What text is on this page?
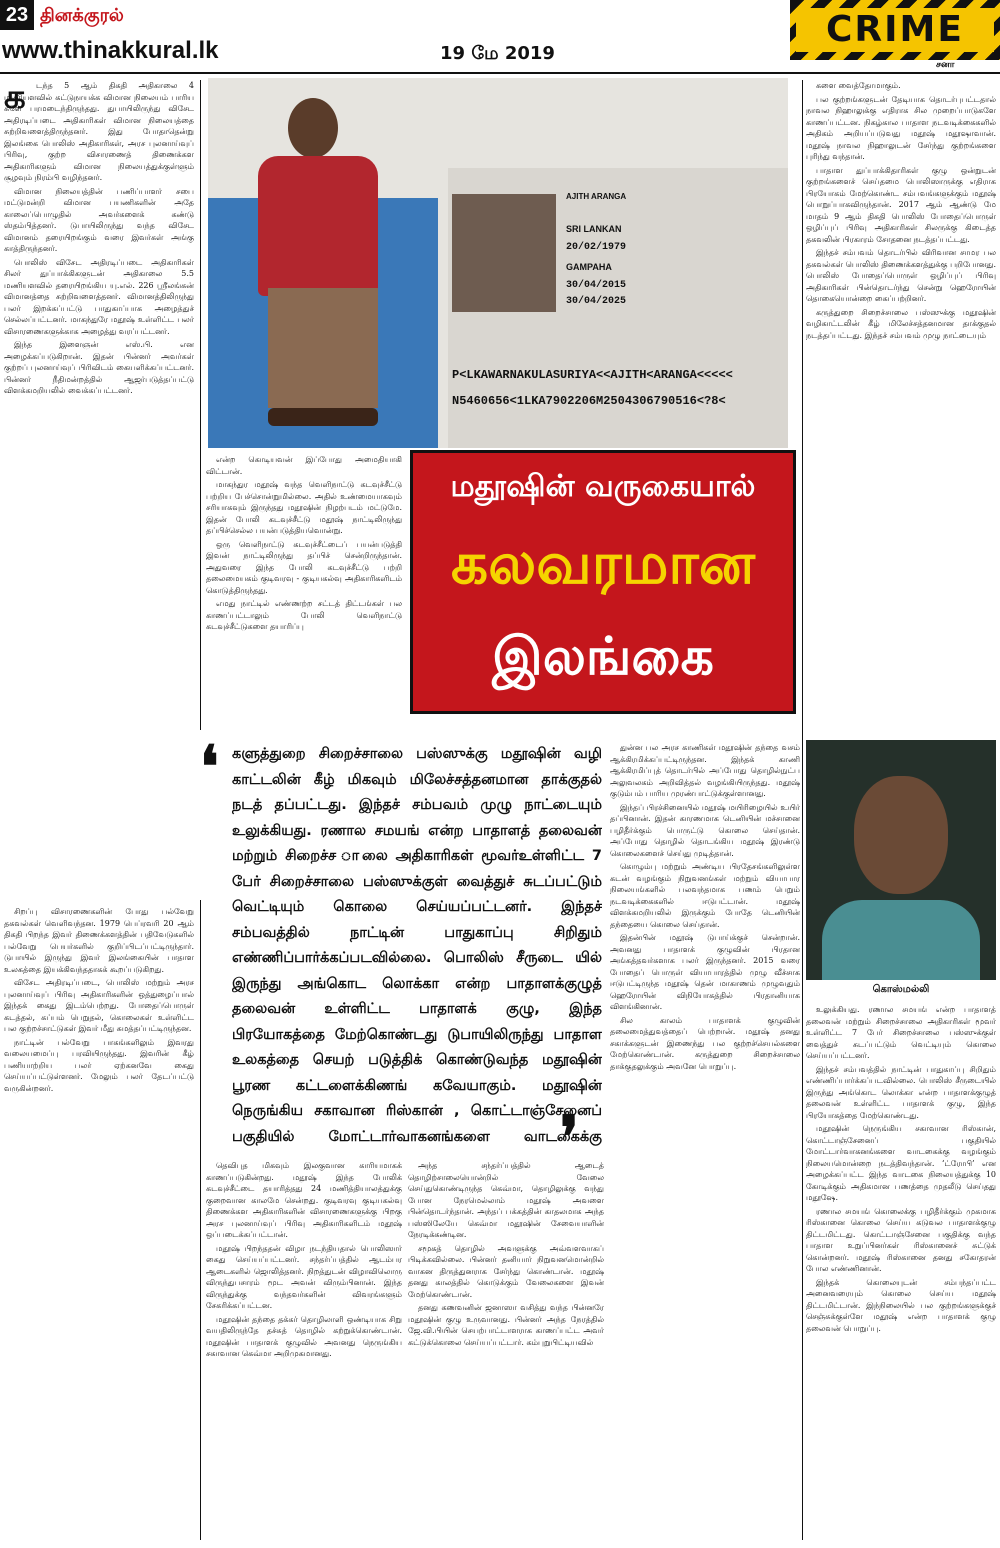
23 தினக்குரல்
www.thinakkural.lk	19 மே 2019
CRIME
சனா
க	டந்த 5 ஆம் திகதி அதிகாலை 4 மணியளவில் கட்டுநாயக்க விமான நிலையம் பாரிய களே பரமடைந்திருந்தது. துபாயிலிருந்து விசேட அதிரடிப்படை அதிகாரிகள் விமான நிலையத்தை சுற்றிவளைத்திருந்தனர். இது போதாதென்று இலங்கை பொலிஸ் அதிகாரிகள், அரச புலனாய்வுப் பிரிவு, குற்ற விசாரணைத் திணைக்கள அதிகாரிகளும் விமான நிலையத்துக்குள்ளும் சூழவும் நிரம்பி வழிந்தனர்.

விமான நிலையத்தின் பணிப்பாளர் சபை மட்டுமன்றி விமான பயணிகளின் அதே காலைப்பொழுதில் அவர்களைக் கண்டு ஸ்தம்பித்தனர். டுபாயிலிருந்து வந்த விசேட விமானம் தரையிறங்கும் வரை இவர்கள் அங்கு காத்திருந்தனர்.

பொலிஸ் விசேட அதிரடிப்படை அதிகாரிகள் சிலர் துப்பாக்கிகளுடன் அதிகாலை 5.5 மணியளவில் தரையிறங்கிய யு.எல். 226 ஸ்ரீலங்கன் விமானத்தை சுற்றிவளைத்தனர். விமானத்திலிருந்து பலர் இறக்கப்பட்டு பாதுகாப்பாக அழைத்துச் செல்லப்பட்டனர். மாகந்துரே மதூஷ் உள்ளிட்ட பலர் விசாரணைகளுக்காக அழைத்து வரப்பட்டனர்.

இந்த இளைஞன் எஸ்.பி. என அழைக்கப்படுகிறான். இதன் பின்னர் அவர்கள் குற்றப் புலனாய்வுப் பிரிவிடம் கையளிக்கப்பட்டனர். பின்னர் நீதிமன்றத்தில் ஆஜர்படுத்தப்பட்டு விளக்கமறியலில் வைக்கப்பட்டனர்.

SRI LANKAN
AJITH ARANGA
20/02/1979
GAMPAHA
30/04/2015
30/04/2025
P<LKAWARNAKULASURIYA<<AJITH<ARANGA<<<<<
N5460656<1LKA7902206M2504306790516<?8<

என்ற கொடியவன் இப்போது அமைதியாகி விட்டான்.

மாகந்துர மதூஷ் வந்த வெளிநாட்டு கடவுச்சீட்டு பற்றிய பேச்சொன்றுமில்லை. அதில் உண்மையாகவும் சரியாகவும் இருந்தது மதூஷின் நிழற்படம் மட்டுமே. இதன் போலி கடவுச்சீட்டு மதூஷ் நாட்டிலிருந்து தப்பிச்செல்ல பயன்படுத்தியவொன்று.

ஒரு வெளிநாட்டு கடவுச்சீட்டைப் பயன்படுத்தி இவன் நாட்டிலிருந்து தப்பிச் சென்றிருந்தான். அதுவரை இந்த போலி கடவுச்சீட்டு பற்றி தலைமையகம் குடிவரவு - குடியகல்வு அதிகாரிகளிடம் கொடுத்திருந்தது.

எமது நாட்டில் எண்ணற்ற சட்டத் திட்டங்கள் பல காணப்பட்டாலும் போலி வெளிநாட்டு கடவுச்சீட்டுகளை தயாரிப்பு

மதூஷின் வருகையால்
கலவரமான
இலங்கை

களை வைத்தோமாகும்.

பல குற்றங்களுடன் தேடியாக தொடர்புபட்டதால் நாவல நிஹாலுக்கு எதிராக சில முறைப்பாடுகளே காணப்பட்டன. நிகழ்கால பாதாள நடவடிக்கைகளில் அதிகம் அறியப்படுவது மதூஷ் மதூஷாவான். மதூஷ் நாவல நிஹாலுடன் சேர்ந்து குற்றங்களை புரிந்து வந்தான்.

பாதாள துப்பாக்கிதாரிகள் குழு ஒன்றுடன் குற்றங்களைச் செய்தமை பொலிஸாருக்கு எதிராக பிரயோகம் மேற்கொண்ட சம்பவங்களுக்கும் மதூஷ் பொறுப்பாகவிருந்தான். 2017 ஆம் ஆண்டு மே மாதம் 9 ஆம் திகதி பொலிஸ் போதைப்பொருள் ஒழிப்புப் பிரிவு அதிகாரிகள் சிலருக்கு கிடைத்த தகவலின் பிரகாரம் சோதனை நடத்தப்பட்டது.

இந்தச் சம்பவம் தொடர்பில் விரிவான சாமர பல தகவல்கள் பொலிஸ் திணைக்களத்துக்கு பறிபோனது. பொலிஸ் போதைப்பொருள் ஒழிப்புப் பிரிவு அதிகாரிகள் பின்தொடர்ந்து சென்று ஹெரோயின் தொகையொன்றை கைப்பற்றினர்.

கருத்துறை சிறைச்சாலை பஸ்ஸுக்கு மதூஷின் வழிகாட்டலின் கீழ் மிலேச்சத்தனமான தாக்குதல் நடத்தப்பட்டது. இந்தச் சம்பவம் முழு நாட்டையும்

❛ களுத்துறை சிறைச்சாலை பஸ்ஸுக்கு மதூஷின் வழி காட்டலின் கீழ் மிகவும் மிலேச்சத்தனமான தாக்குதல் நடத் தப்பட்டது. இந்தச் சம்பவம் முழு நாட்டையும் உலுக்கியது. ரணால சமயங் என்ற பாதாளத் தலைவன் மற்றும் சிறைச்ச ாலை அதிகாரிகள் மூவர்உள்ளிட்ட 7 பேர் சிறைச்சாலை பஸ்ஸுக்குள் வைத்துச் சுடப்பட்டும் வெட்டியும் கொலை செய்யப்பட்டனர். இந்தச் சம்பவத்தில் நாட்டின் பாதுகாப்பு சிறிதும் எண்ணிப்பார்க்கப்படவில்லை. பொலிஸ் சீருடை யில் இருந்து அங்கொட லொக்கா என்ற பாதாளக்குழுத் தலைவன் உள்ளிட்ட பாதாளக் குழு, இந்த பிரயோகத்தை மேற்கொண்டது டுபாயிலிருந்து பாதாள உலகத்தை செயற் படுத்திக் கொண்டுவந்த மதூஷின் பூரண கட்டளைக்கிணங் கவேயாகும். மதூஷின் நெருங்கிய சகாவான ரிஸ்கான் , கொட்டாஞ்சேனைப் பகுதியில் மோட்டார்வாகனங்களை வாடகைக்கு
❜
கொஸ்மல்லி

சிறப்பு விசாரணைகளின் போது பல்வேறு தகவல்கள் வெளிவந்தன. 1979 பெப்ரவரி 20 ஆம் திகதி பிறந்த இவர் திணைக்களத்தின் பதிவேடுகளில் பல்வேறு பெயர்களில் குறிப்பிடப்பட்டிருந்தார். டுபாயில் இருந்து இவர் இலங்கையின் பாதாள உலகத்தை இயக்கிவந்ததாகக் கூறப்படுகிறது.

விசேட அதிரடிப்படை, பொலிஸ் மற்றும் அரச புலனாய்வுப் பிரிவு அதிகாரிகளின் ஒத்துழைப்பால் இந்தக் கைது இடம்பெற்றது. போதைப்பொருள் கடத்தல், கப்பம் பெறுதல், கொலைகள் உள்ளிட்ட பல குற்றச்சாட்டுகள் இவர் மீது சுமத்தப்பட்டிருந்தன.

நாட்டின் பல்வேறு பாகங்களிலும் இவரது வலையமைப்பு பரவியிருந்தது. இவரின் கீழ் பணியாற்றிய பலர் ஏற்கனவே கைது செய்யப்பட்டுள்ளனர். மேலும் பலர் தேடப்பட்டு வருகின்றனர்.

துன்ன பல அரச காணிகள் மதூஷின் தந்தை வசம் ஆக்கிரமிக்கப்பட்டிருந்தன. இந்தக் காணி ஆக்கிரமிப்புத் தொடர்பில் அப்போது தொழில்நுட்ப அலுவலகம் அறிவித்தல் வழங்கியிருந்தது. மதூஷ் குடும்பம் பாரிய முரண்பாட்டுக்குள்ளானது.

இந்தப் பிரச்சினையில் மதூஷ் மயிரிழையில் உயிர் தப்பினான். இதன் காரணமாக டெனியின் மச்சானை பழிதீர்க்கும் பொருட்டு கொலை செய்தான். அப்போது தொழில் தொடங்கிய மதூஷ் இரண்டு கொலைகளைச் செய்து முடித்தான்.

கொழும்பு மற்றும் அண்டிய பிரதேசங்களிலுள்ள கடன் வழங்கும் நிறுவனங்கள் மற்றும் வியாபார நிலையங்களில் பலவந்தமாக பணம் பெறும் நடவடிக்கைகளில் ஈடுபட்டான். மதூஷ் விளக்கமறியலில் இருக்கும் போதே டெனியின் தந்தையை கொலை செய்தான்.

இதன்பின் மதூஷ் டுபாய்க்குச் சென்றான். அவனது பாதாளக் குழுவின் பிரதான அங்கத்தவர்களாக பலர் இருந்தனர். 2015 வரை போதைப் பொருள் வியாபாரத்தில் முழு வீச்சாக ஈடுபட்டிருந்த மதூஷ் தென் மாகாணம் முழுவதும் ஹெரோயின் விநியோகத்தில் பிரதானியாக விளங்கினான்.

சில காலம் பாதாளக் குழுவின் தலைமைத்துவத்தைப் பெற்றான். மதூஷ் தனது சகாக்களுடன் இணைந்து பல குற்றச்செயல்களை மேற்கொண்டான். கருத்துறை சிறைச்சாலை தாக்குதலுக்கும் அவனே பொறுப்பு.

தெவிபுத மிகவும் இலகுவான காரியமாகக் காணப்படுகின்றது. மதூஷ் இந்த போலிக் கடவுச்சீட்டை தயாரித்தது 24 மணித்தியாலத்துக்கு குறைவான காலமே சென்றது. குடிவரவு குடியகல்வு திணைக்கள அதிகாரிகளின் விசாரணைகளுக்கு பிறகு அரச புலனாய்வுப் பிரிவு அதிகாரிகளிடம் மதூஷ் ஒப்படைக்கப்பட்டான்.

மதூஷ் பிறந்ததன் விழா நடந்தியதால் பொலிஸார் கைது செய்யப்பட்டனர். சந்தர்ப்பத்தில் ஆடம்பர ஆடைகளில் ஜொலித்தனர். நிறத்துடன் விழாவிலொரு விருந்துபசாரம் மூட அவன் விரும்பினான். இந்த விருந்துக்கு வந்தவர்களின் விவரங்களும் சேகரிக்கப்பட்டன.

மதூஷின் தந்தை தக்கர் தொழிலாளி ஒண்டியாக சிறு வயதிலிருந்தே தச்சுத் தொழில் கற்றுக்கொண்டான். மதூஷின் பாதாளக் குழுவில் அவனது நெருங்கிய சகாவான கெவ்மா அறிமுகமானது.

அந்த சந்தர்ப்பத்தில் ஆடைத் தொழிற்சாலையொன்றில் வேலை செய்துகொண்டிருந்த கெவ்மா, தொழிலுக்கு வந்து போன நேரமெல்லாம் மதூஷ் அவளை பின்தொடர்ந்தான். அந்தப் பக்கத்தின் காதலமாக அந்த பஸ்ஸிலேயே கெவ்மா மதூஷின் சேவையாளின் நேரடிக்கண்டின.

சமூகத் தொழில் அவளுக்கு அவ்வளவாகப் பிடிக்கவில்லை. பின்னர் தனியார் நிறுவனமொன்றில் வாகன திருத்துனராக சேர்ந்து கொண்டான். மதூஷ் தனது காலத்தில் கொடுக்கும் வேலைகளை இவன் மேற்கொண்டான்.

தனது கணவனின் ஜனாஸா வசித்து வந்த பின்னரே மதூஷின் குழு உருவானது. பின்னர் அந்த நேரத்தில் ஜே.வி.பியின் செயற்பாட்டாளராக காணப்பட்ட அவர் கட்டுக்கொலை செய்யப்பட்டார். கம்புறுபிட்டியவில்

உலுக்கியது. ரணால சமயங் என்ற பாதாளத் தலைவன் மற்றும் சிறைச்சாலை அதிகாரிகள் மூவர் உள்ளிட்ட 7 பேர் சிறைச்சாலை பஸ்ஸுக்குள் வைத்துச் சுடப்பட்டும் வெட்டியும் கொலை செய்யப்பட்டனர்.

இந்தச் சம்பவத்தில் நாட்டின் பாதுகாப்பு சிறிதும் எண்ணிப்பார்க்கப்படவில்லை. பொலிஸ் சீருடையில் இருந்து அங்கொட லொக்கா என்ற பாதாளக்குழுத் தலைவன் உள்ளிட்ட பாதாளக் குழு, இந்த பிரயோகத்தை மேற்கொண்டது.

மதூஷின் நெருங்கிய சகாவான ரிஸ்கான், கொட்டாஞ்சேனைப் பகுதியில் மோட்டார்வாகனங்களை வாடகைக்கு வழங்கும் நிலையமொன்றை நடத்திவந்தான். ‘ட்ரோபி’ என அழைக்கப்பட்ட இந்த வாடகை நிலையத்துக்கு 10 கோடிக்கும் அதிகமான பணத்தை முதலீடு செய்தது மதூஷே.

ரணால சமயங் கொலைக்கு பழிதீர்க்கும் முகமாக ரிஸ்கானை கொலை செய்ய கடுவல பாதாளக்குழு திட்டமிட்டது. கொட்டாஞ்சேனை பகுதிக்கு வந்த பாதாள உறுப்பினர்கள் ரிஸ்கானைச் சுட்டுக் கொன்றனர். மதூஷ் ரிஸ்கானை தனது சகோதரன் போல எண்ணினான்.

இந்தக் கொலையுடன் சம்பந்தப்பட்ட அனைவரையும் கொலை செய்ய மதூஷ் திட்டமிட்டான். இந்நிலையில் பல குற்றங்களுக்குச் செஞ்சுக்குள்ளே மதூஷ் என்ற பாதாளக் குழு தலைவன் பொறுப்பு.
